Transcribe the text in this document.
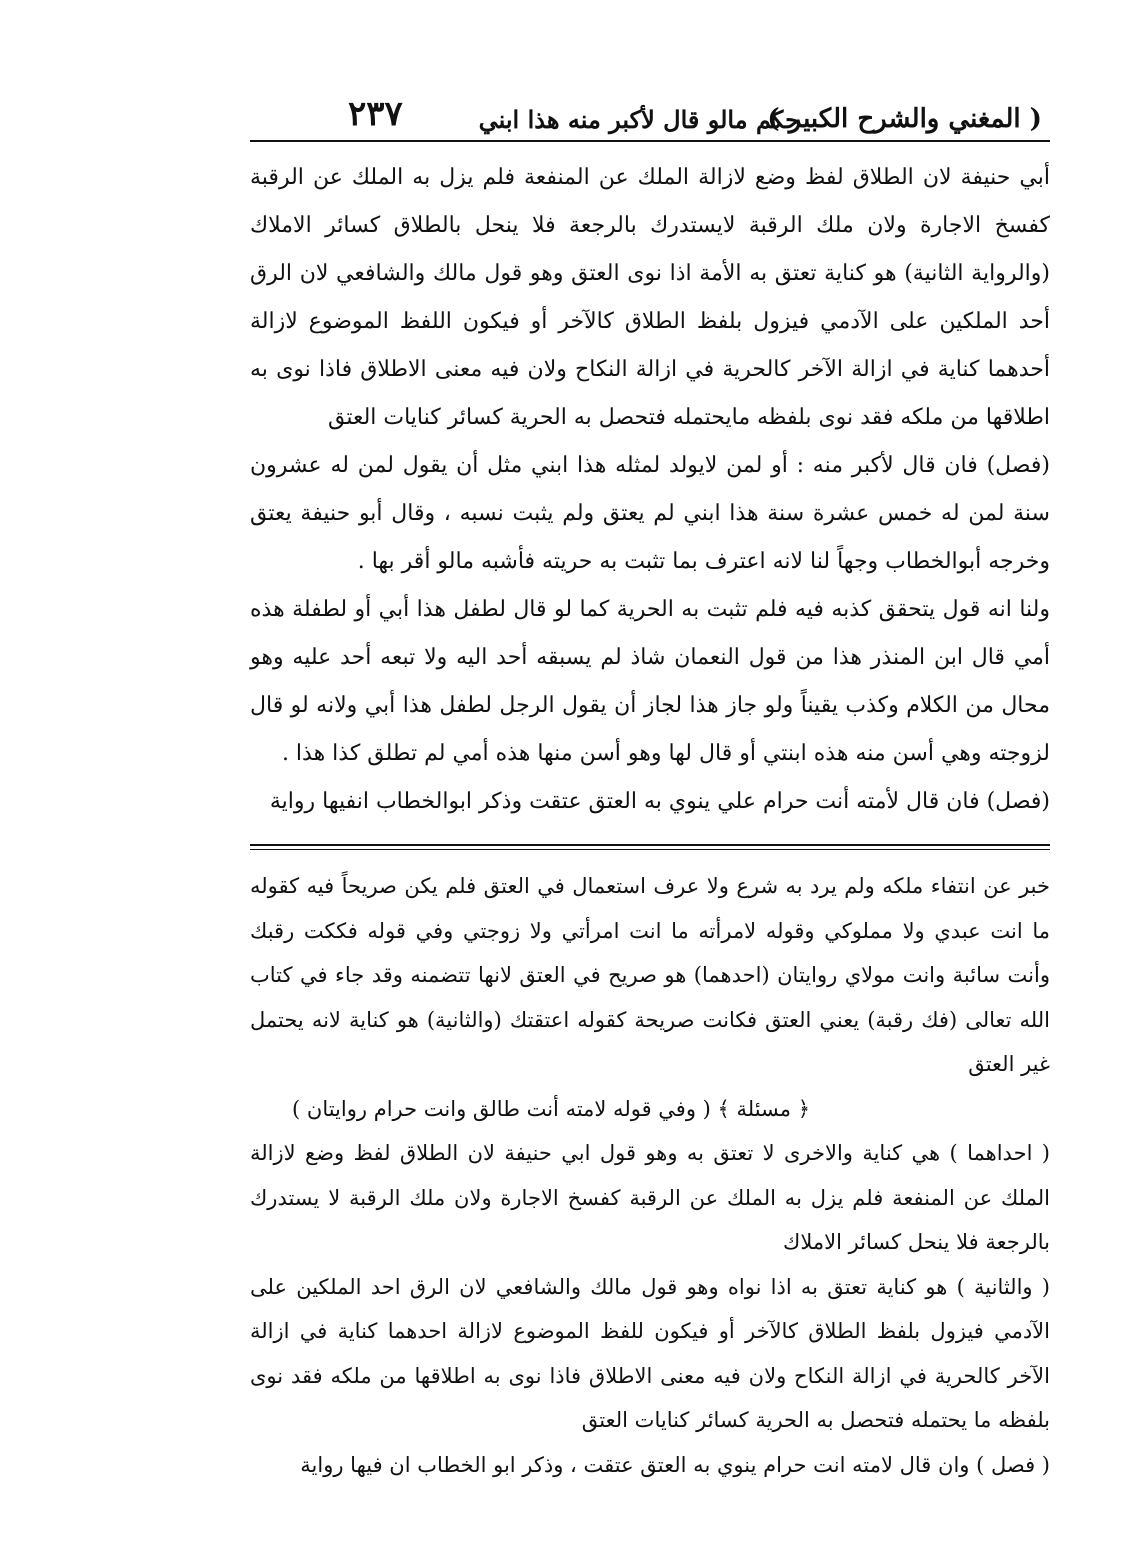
( المغني والشرح الكبير )
حكم مالو قال لأكبر منه هذا ابني
٢٣٧

أبي حنيفة لان الطلاق لفظ وضع لازالة الملك عن المنفعة فلم يزل به الملك عن الرقبة كفسخ الاجارة ولان ملك الرقبة لايستدرك بالرجعة فلا ينحل بالطلاق كسائر الاملاك (والرواية الثانية) هو كناية تعتق به الأمة اذا نوى العتق وهو قول مالك والشافعي لان الرق أحد الملكين على الآدمي فيزول بلفظ الطلاق كالآخر أو فيكون اللفظ الموضوع لازالة أحدهما كناية في ازالة الآخر كالحرية في ازالة النكاح ولان فيه معنى الاطلاق فاذا نوى به اطلاقها من ملكه فقد نوى بلفظه مايحتمله فتحصل به الحرية كسائر كنايات العتق

(فصل) فان قال لأكبر منه : أو لمن لايولد لمثله هذا ابني مثل أن يقول لمن له عشرون سنة لمن له خمس عشرة سنة هذا ابني لم يعتق ولم يثبت نسبه ، وقال أبو حنيفة يعتق وخرجه أبوالخطاب وجهاً لنا لانه اعترف بما تثبت به حريته فأشبه مالو أقر بها .

ولنا انه قول يتحقق كذبه فيه فلم تثبت به الحرية كما لو قال لطفل هذا أبي أو لطفلة هذه أمي قال ابن المنذر هذا من قول النعمان شاذ لم يسبقه أحد اليه ولا تبعه أحد عليه وهو محال من الكلام وكذب يقيناً ولو جاز هذا لجاز أن يقول الرجل لطفل هذا أبي ولانه لو قال لزوجته وهي أسن منه هذه ابنتي أو قال لها وهو أسن منها هذه أمي لم تطلق كذا هذا .

(فصل) فان قال لأمته أنت حرام علي ينوي به العتق عتقت وذكر ابوالخطاب انفيها رواية

خبر عن انتفاء ملكه ولم يرد به شرع ولا عرف استعمال في العتق فلم يكن صريحاً فيه كقوله ما انت عبدي ولا مملوكي وقوله لامرأته ما انت امرأتي ولا زوجتي وفي قوله فككت رقبك وأنت سائبة وانت مولاي روايتان (احدهما) هو صريح في العتق لانها تتضمنه وقد جاء في كتاب الله تعالى (فك رقبة) يعني العتق فكانت صريحة كقوله اعتقتك (والثانية) هو كناية لانه يحتمل غير العتق

﴿ مسئلة ﴾ ( وفي قوله لامته أنت طالق وانت حرام روايتان )

( احداهما ) هي كناية والاخرى لا تعتق به وهو قول ابي حنيفة لان الطلاق لفظ وضع لازالة الملك عن المنفعة فلم يزل به الملك عن الرقبة كفسخ الاجارة ولان ملك الرقبة لا يستدرك بالرجعة فلا ينحل كسائر الاملاك

( والثانية ) هو كناية تعتق به اذا نواه وهو قول مالك والشافعي لان الرق احد الملكين على الآدمي فيزول بلفظ الطلاق كالآخر أو فيكون للفظ الموضوع لازالة احدهما كناية في ازالة الآخر كالحرية في ازالة النكاح ولان فيه معنى الاطلاق فاذا نوى به اطلاقها من ملكه فقد نوى بلفظه ما يحتمله فتحصل به الحرية كسائر كنايات العتق

( فصل ) وان قال لامته انت حرام ينوي به العتق عتقت ، وذكر ابو الخطاب ان فيها رواية
